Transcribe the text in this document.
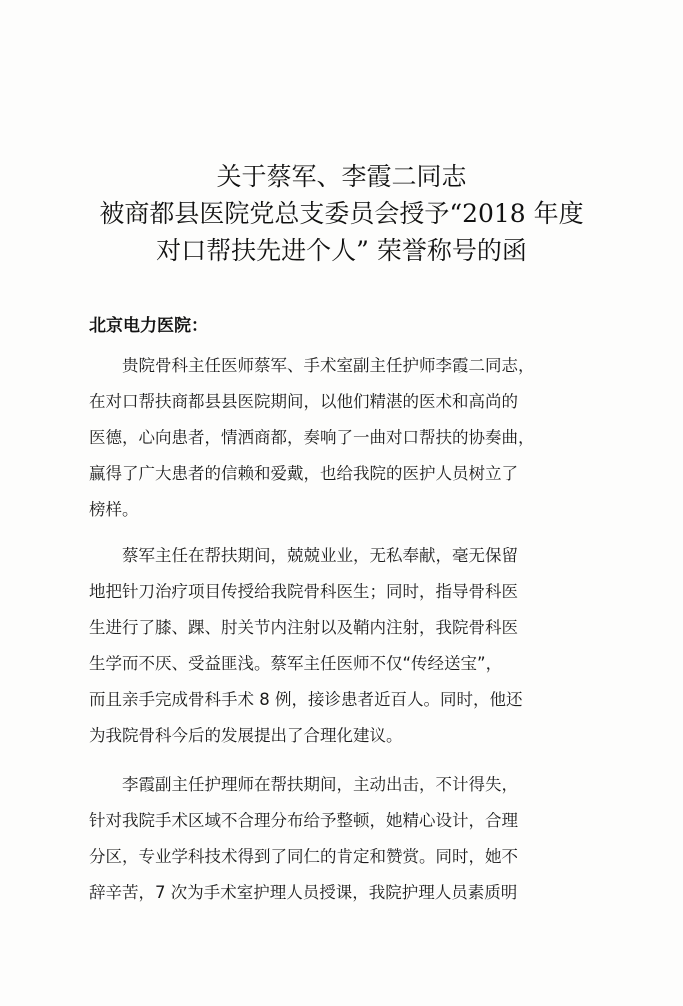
关于蔡军、李霞二同志
被商都县医院党总支委员会授予“2018 年度
对口帮扶先进个人” 荣誉称号的函
北京电力医院：
贵院骨科主任医师蔡军、手术室副主任护师李霞二同志，
在对口帮扶商都县县医院期间，以他们精湛的医术和高尚的
医德，心向患者，情洒商都，奏响了一曲对口帮扶的协奏曲，
赢得了广大患者的信赖和爱戴，也给我院的医护人员树立了
榜样。
蔡军主任在帮扶期间，兢兢业业，无私奉献，毫无保留
地把针刀治疗项目传授给我院骨科医生；同时，指导骨科医
生进行了膝、踝、肘关节内注射以及鞘内注射，我院骨科医
生学而不厌、受益匪浅。蔡军主任医师不仅“传经送宝”，
而且亲手完成骨科手术 8 例，接诊患者近百人。同时，他还
为我院骨科今后的发展提出了合理化建议。
李霞副主任护理师在帮扶期间，主动出击，不计得失，
针对我院手术区域不合理分布给予整顿，她精心设计，合理
分区，专业学科技术得到了同仁的肯定和赞赏。同时，她不
辞辛苦，7 次为手术室护理人员授课，我院护理人员素质明
